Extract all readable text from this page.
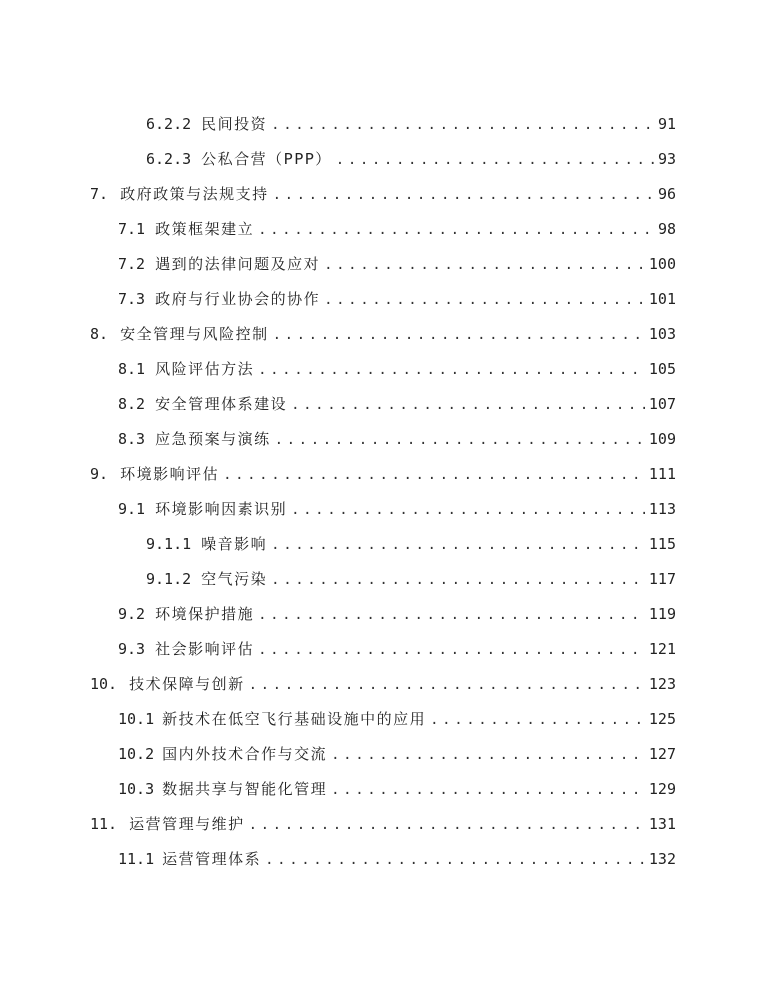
6.2.2 民间投资 .....	91
6.2.3 公私合营（PPP） .....	93
7. 政府政策与法规支持 .....	96
7.1 政策框架建立 .....	98
7.2 遇到的法律问题及应对 .....	100
7.3 政府与行业协会的协作 .....	101
8. 安全管理与风险控制 .....	103
8.1 风险评估方法 .....	105
8.2 安全管理体系建设 .....	107
8.3 应急预案与演练 .....	109
9. 环境影响评估 .....	111
9.1 环境影响因素识别 .....	113
9.1.1 噪音影响 .....	115
9.1.2 空气污染 .....	117
9.2 环境保护措施 .....	119
9.3 社会影响评估 .....	121
10. 技术保障与创新 .....	123
10.1 新技术在低空飞行基础设施中的应用 .....	125
10.2 国内外技术合作与交流 .....	127
10.3 数据共享与智能化管理 .....	129
11. 运营管理与维护 .....	131
11.1 运营管理体系 .....	132
